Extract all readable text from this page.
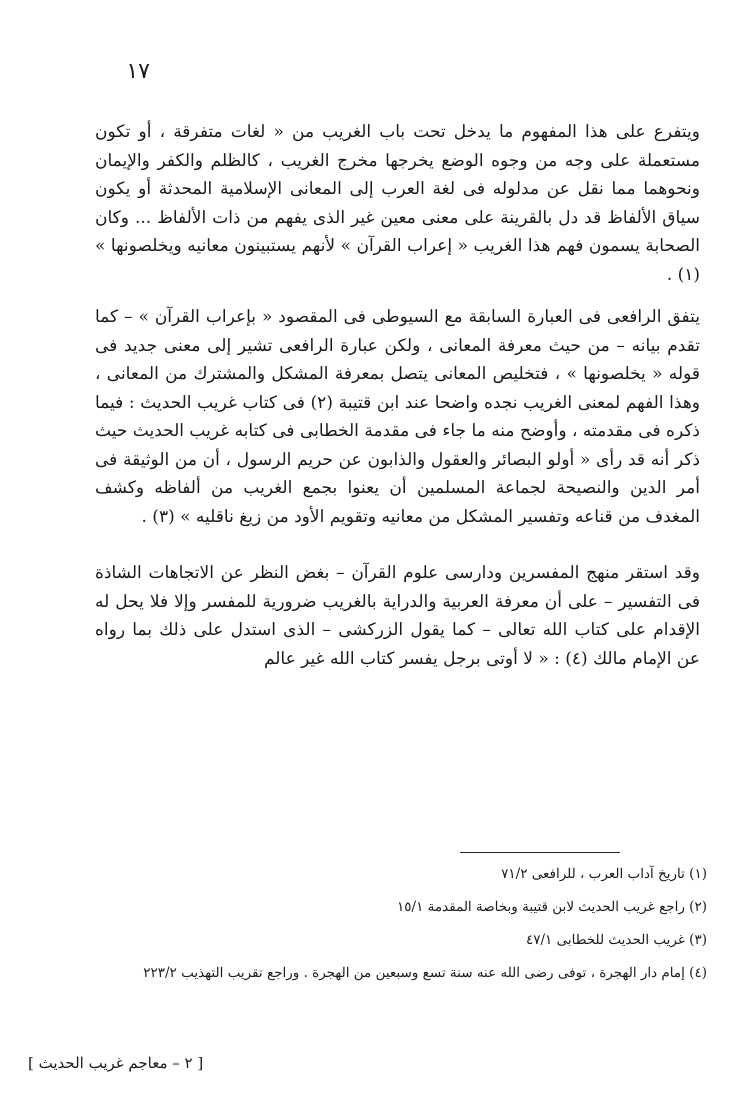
١٧

ويتفرع على هذا المفهوم ما يدخل تحت باب الغريب من « لغات متفرقة ، أو تكون مستعملة على وجه من وجوه الوضع يخرجها مخرج الغريب ، كالظلم والكفر والإيمان ونحوهما مما نقل عن مدلوله فى لغة العرب إلى المعانى الإسلامية المحدثة أو يكون سياق الألفاظ قد دل بالقرينة على معنى معين غير الذى يفهم من ذات الألفاظ ... وكان الصحابة يسمون فهم هذا الغريب « إعراب القرآن » لأنهم يستبينون معانيه ويخلصونها » (١) .

يتفق الرافعى فى العبارة السابقة مع السيوطى فى المقصود « بإعراب القرآن » – كما تقدم بيانه – من حيث معرفة المعانى ، ولكن عبارة الرافعى تشير إلى معنى جديد فى قوله « يخلصونها » ، فتخليص المعانى يتصل بمعرفة المشكل والمشترك من المعانى ، وهذا الفهم لمعنى الغريب نجده واضحا عند ابن قتيبة (٢) فى كتاب غريب الحديث : فيما ذكره فى مقدمته ، وأوضح منه ما جاء فى مقدمة الخطابى فى كتابه غريب الحديث حيث ذكر أنه قد رأى « أولو البصائر والعقول والذابون عن حريم الرسول ، أن من الوثيقة فى أمر الدين والنصيحة لجماعة المسلمين أن يعنوا بجمع الغريب من ألفاظه وكشف المغدف من قناعه وتفسير المشكل من معانيه وتقويم الأود من زيغ ناقليه » (٣) .

وقد استقر منهج المفسرين ودارسى علوم القرآن – بغض النظر عن الاتجاهات الشاذة فى التفسير – على أن معرفة العربية والدراية بالغريب ضرورية للمفسر وإلا فلا يحل له الإقدام على كتاب الله تعالى – كما يقول الزركشى – الذى استدل على ذلك بما رواه عن الإمام مالك (٤) : « لا أوتى برجل يفسر كتاب الله غير عالم

(١) تاريخ آداب العرب ، للرافعى ٧١/٢

(٢) راجع غريب الحديث لابن قتيبة وبخاصة المقدمة ١٥/١

(٣) غريب الحديث للخطابى ٤٧/١

(٤) إمام دار الهجرة ، توفى رضى الله عنه سنة تسع وسبعين من الهجرة . وراجع تقريب التهذيب ٢٢٣/٢

[ ٢ – معاجم غريب الحديث ]
